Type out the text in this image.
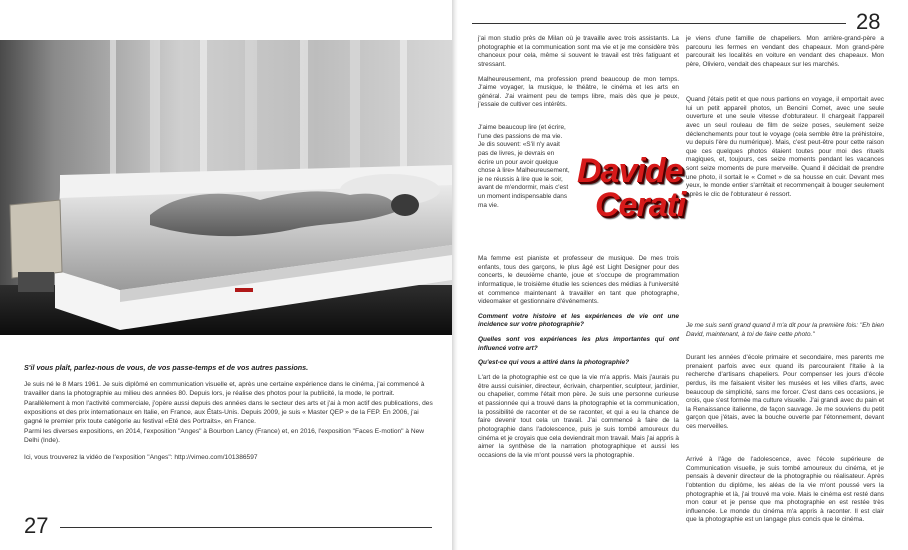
S'il vous plaît, parlez-nous de vous, de vos passe-temps et de vos autres passions.

Je suis né le 8 Mars 1961. Je suis diplômé en communication visuelle et, après une certaine expérience dans le cinéma, j'ai commencé à travailler dans la photographie au milieu des années 80. Depuis lors, je réalise des photos pour la publicité, la mode, le portrait. Parallèlement à mon l'activité commerciale, j'opère aussi depuis des années dans le secteur des arts et j'ai à mon actif des publications, des expositions et des prix internationaux en Italie, en France, aux États-Unis. Depuis 2009, je suis « Master QEP » de la FEP. En 2006, j'ai gagné le premier prix toute catégorie au festival «Eté des Portraits», en France.

Parmi les diverses expositions, en 2014, l'exposition "Anges" à Bourbon Lancy (France) et, en 2016, l'exposition "Faces E-motion" à New Delhi (Inde).

Ici, vous trouverez la vidéo de l'exposition "Anges": http://vimeo.com/101386597

27
28

j'ai mon studio près de Milan où je travaille avec trois assistants. La photographie et la communication sont ma vie et je me considère très chanceux pour cela, même si souvent le travail est très fatiguant et stressant.

Malheureusement, ma profession prend beaucoup de mon temps. J'aime voyager, la musique, le théâtre, le cinéma et les arts en général. J'ai vraiment peu de temps libre, mais dès que je peux, j'essaie de cultiver ces intérêts.

J'aime beaucoup lire (et écrire, l'une des passions de ma vie. Je dis souvent: «S'il n'y avait pas de livres, je devrais en écrire un pour avoir quelque chose à lire» Malheureusement, je ne réussis à lire que le soir, avant de m'endormir, mais c'est un moment indispensable dans ma vie.

Ma femme est pianiste et professeur de musique. De mes trois enfants, tous des garçons, le plus âgé est Light Designer pour des concerts, le deuxième chante, joue et s'occupe de programmation informatique, le troisième étudie les sciences des médias à l'université et commence maintenant à travailler en tant que photographe, videomaker et gestionnaire d'événements.

Comment votre histoire et les expériences de vie ont une incidence sur votre photographie?

Quelles sont vos expériences les plus importantes qui ont influencé votre art?

Qu'est-ce qui vous a attiré dans la photographie?

L'art de la photographie est ce que la vie m'a appris. Mais j'aurais pu être aussi cuisinier, directeur, écrivain, charpentier, sculpteur, jardinier, ou chapelier, comme l'était mon père. Je suis une personne curieuse et passionnée qui a trouvé dans la photographie et la communication, la possibilité de raconter et de se raconter, et qui a eu la chance de faire devenir tout cela un travail. J'ai commencé à faire de la photographie dans l'adolescence, puis je suis tombé amoureux du cinéma et je croyais que cela deviendrait mon travail. Mais j'ai appris à aimer la synthèse de la narration photographique et aussi les occasions de la vie m'ont poussé vers la photographie.

Davide
Cerati
je viens d'une famille de chapeliers. Mon arrière-grand-père a parcouru les fermes en vendant des chapeaux. Mon grand-père parcourait les localités en voiture en vendant des chapeaux. Mon père, Oliviero, vendait des chapeaux sur les marchés.
Quand j'étais petit et que nous partions en voyage, il emportait avec lui un petit appareil photos, un Bencini Comet, avec une seule ouverture et une seule vitesse d'obturateur. Il chargeait l'appareil avec un seul rouleau de film de seize poses, seulement seize déclenchements pour tout le voyage (cela semble être la préhistoire, vu depuis l'ère du numérique). Mais, c'est peut-être pour cette raison que ces quelques photos étaient toutes pour moi des rituels magiques, et, toujours, ces seize moments pendant les vacances sont seize moments de pure merveille. Quand il décidait de prendre une photo, il sortait le « Comet » de sa housse en cuir. Devant mes yeux, le monde entier s'arrêtait et recommençait à bouger seulement après le clic de l'obturateur é ressort.
Je me suis senti grand quand il m'a dit pour la première fois: "Eh bien David, maintenant, à toi de faire cette photo."
Durant les années d'école primaire et secondaire, mes parents me prenaient parfois avec eux quand ils parcouraient l'Italie à la recherche d'artisans chapeliers. Pour compenser les jours d'école perdus, ils me faisaient visiter les musées et les villes d'arts, avec beaucoup de simplicité, sans me forcer. C'est dans ces occasions, je crois, que s'est formée ma culture visuelle. J'ai grandi avec du pain et la Renaissance italienne, de façon sauvage. Je me souviens du petit garçon que j'étais, avec la bouche ouverte par l'étonnement, devant ces merveilles.
Arrivé à l'âge de l'adolescence, avec l'école supérieure de Communication visuelle, je suis tombé amoureux du cinéma, et je pensais à devenir directeur de la photographie ou réalisateur. Après l'obtention du diplôme, les aléas de la vie m'ont poussé vers la photographie et là, j'ai trouvé ma voie. Mais le cinéma est resté dans mon cœur et je pense que ma photographie en est restée très influencée. Le monde du cinéma m'a appris à raconter. Il est clair que la photographie est un langage plus concis que le cinéma.
